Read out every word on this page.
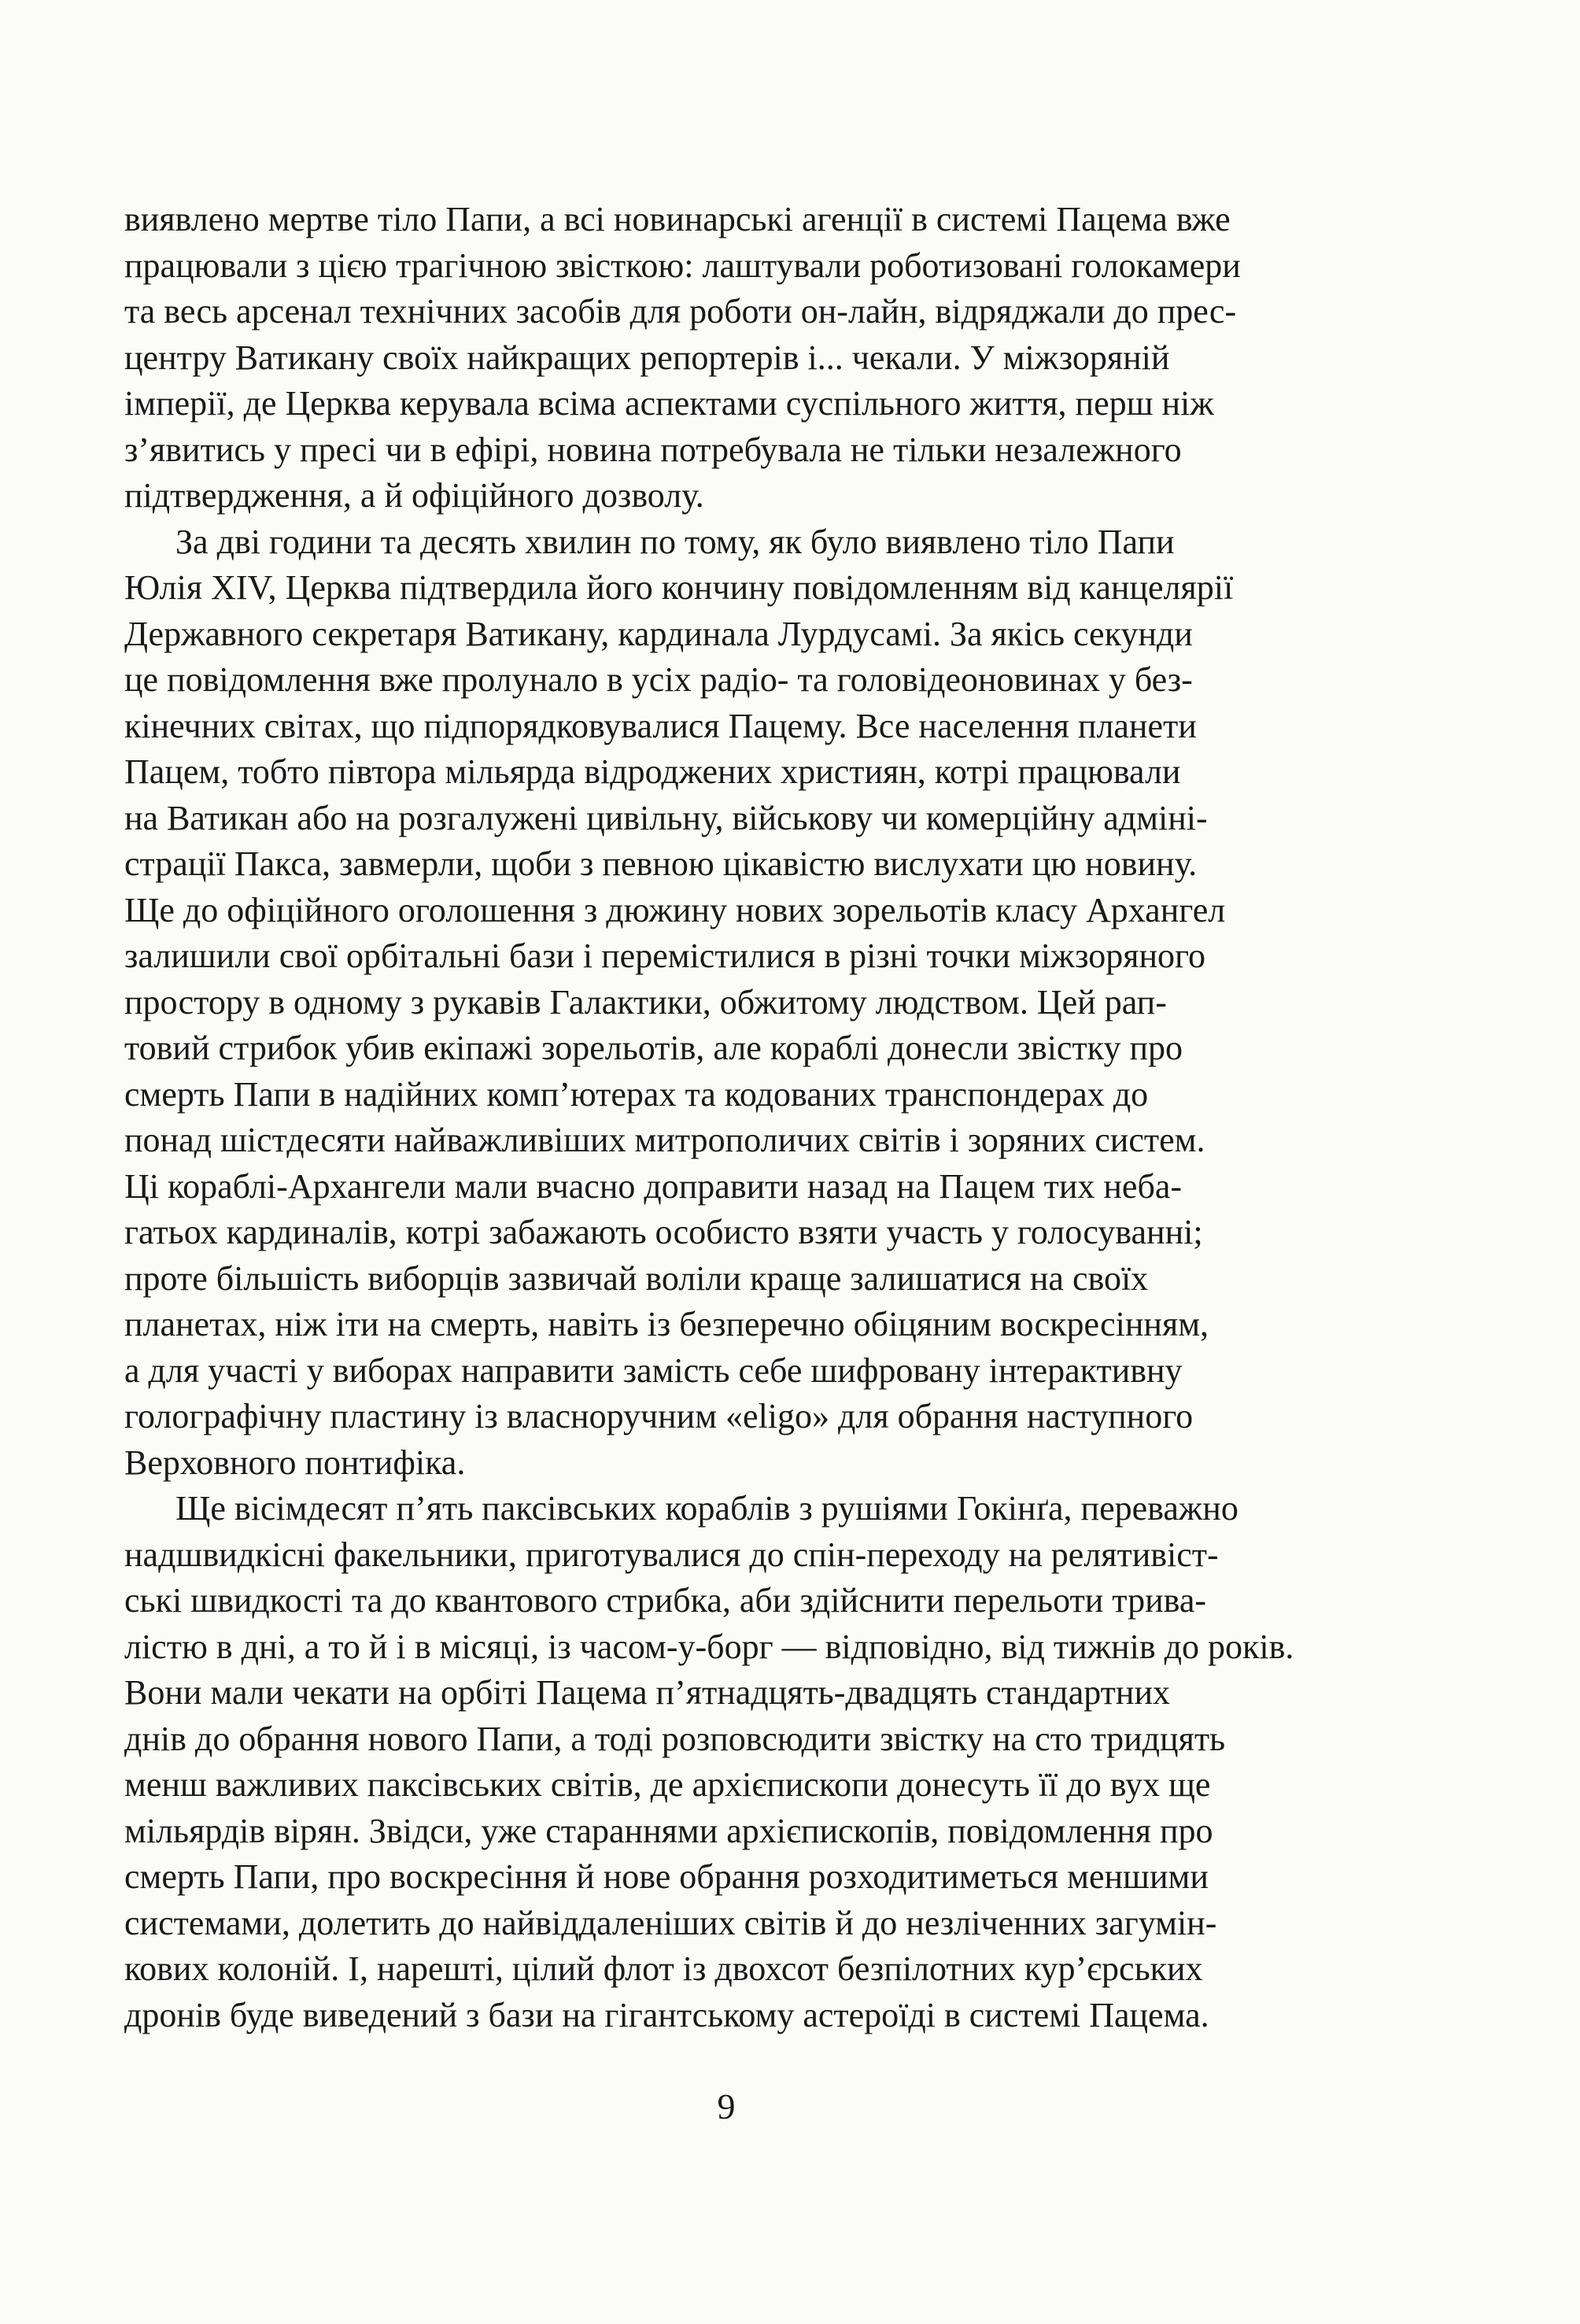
виявлено мертве тіло Папи, а всі новинарські агенції в системі Пацема вже
працювали з цією трагічною звісткою: лаштували роботизовані голокамери
та весь арсенал технічних засобів для роботи он-лайн, відряджали до прес-
центру Ватикану своїх найкращих репортерів і... чекали. У міжзоряній
імперії, де Церква керувала всіма аспектами суспільного життя, перш ніж
з’явитись у пресі чи в ефірі, новина потребувала не тільки незалежного
підтвердження, а й офіційного дозволу.
За дві години та десять хвилин по тому, як було виявлено тіло Папи
Юлія XIV, Церква підтвердила його кончину повідомленням від канцелярії
Державного секретаря Ватикану, кардинала Лурдусамі. За якісь секунди
це повідомлення вже пролунало в усіх радіо- та головідеоновинах у без-
кінечних світах, що підпорядковувалися Пацему. Все населення планети
Пацем, тобто півтора мільярда відроджених християн, котрі працювали
на Ватикан або на розгалужені цивільну, військову чи комерційну адміні-
страції Пакса, завмерли, щоби з певною цікавістю вислухати цю новину.
Ще до офіційного оголошення з дюжину нових зорельотів класу Архангел
залишили свої орбітальні бази і перемістилися в різні точки міжзоряного
простору в одному з рукавів Галактики, обжитому людством. Цей рап-
товий стрибок убив екіпажі зорельотів, але кораблі донесли звістку про
смерть Папи в надійних комп’ютерах та кодованих транспондерах до
понад шістдесяти найважливіших митрополичих світів і зоряних систем.
Ці кораблі-Архангели мали вчасно доправити назад на Пацем тих неба-
гатьох кардиналів, котрі забажають особисто взяти участь у голосуванні;
проте більшість виборців зазвичай воліли краще залишатися на своїх
планетах, ніж іти на смерть, навіть із безперечно обіцяним воскресінням,
а для участі у виборах направити замість себе шифровану інтерактивну
голографічну пластину із власноручним «eligo» для обрання наступного
Верховного понтифіка.
Ще вісімдесят п’ять паксівських кораблів з рушіями Гокінґа, переважно
надшвидкісні факельники, приготувалися до спін-переходу на релятивіст-
ські швидкості та до квантового стрибка, аби здійснити перельоти трива-
лістю в дні, а то й і в місяці, із часом-у-борг — відповідно, від тижнів до років.
Вони мали чекати на орбіті Пацема п’ятнадцять-двадцять стандартних
днів до обрання нового Папи, а тоді розповсюдити звістку на сто тридцять
менш важливих паксівських світів, де архієпископи донесуть її до вух ще
мільярдів вірян. Звідси, уже стараннями архієпископів, повідомлення про
смерть Папи, про воскресіння й нове обрання розходитиметься меншими
системами, долетить до найвіддаленіших світів й до незліченних загумін-
кових колоній. І, нарешті, цілий флот із двохсот безпілотних кур’єрських
дронів буде виведений з бази на гігантському астероїді в системі Пацема.
9
